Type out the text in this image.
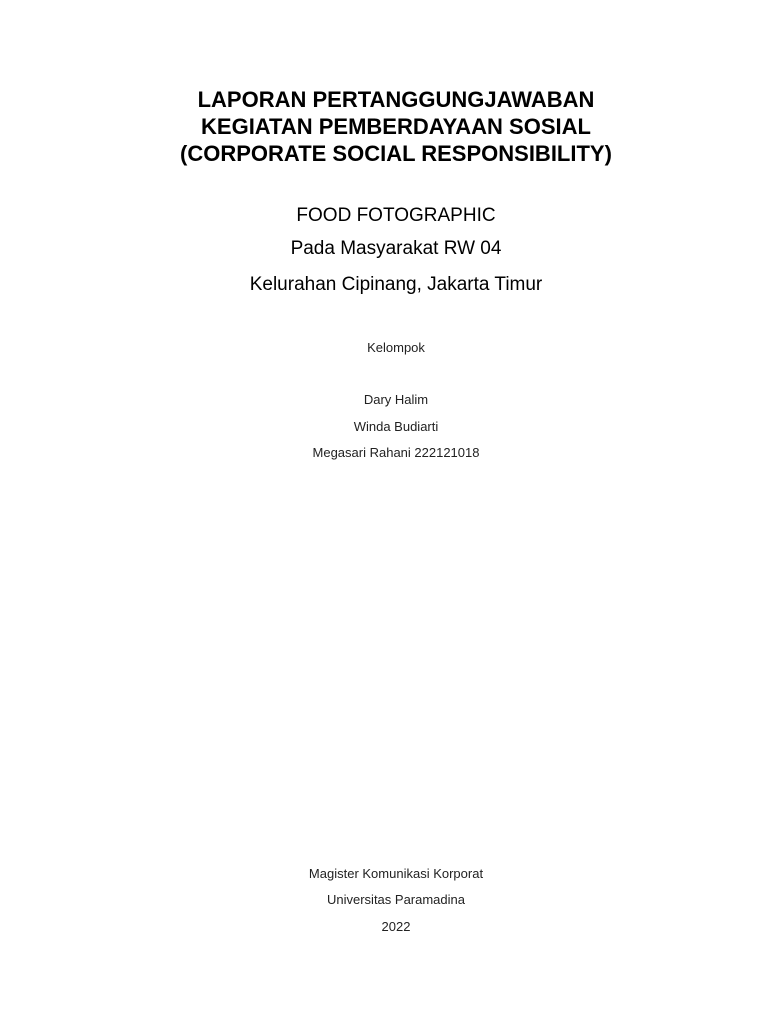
LAPORAN PERTANGGUNGJAWABAN
KEGIATAN PEMBERDAYAAN SOSIAL
(CORPORATE SOCIAL RESPONSIBILITY)
FOOD FOTOGRAPHIC
Pada Masyarakat RW 04
Kelurahan Cipinang, Jakarta Timur
Kelompok
Dary Halim
Winda Budiarti
Megasari Rahani 222121018
Magister Komunikasi Korporat
Universitas Paramadina
2022
